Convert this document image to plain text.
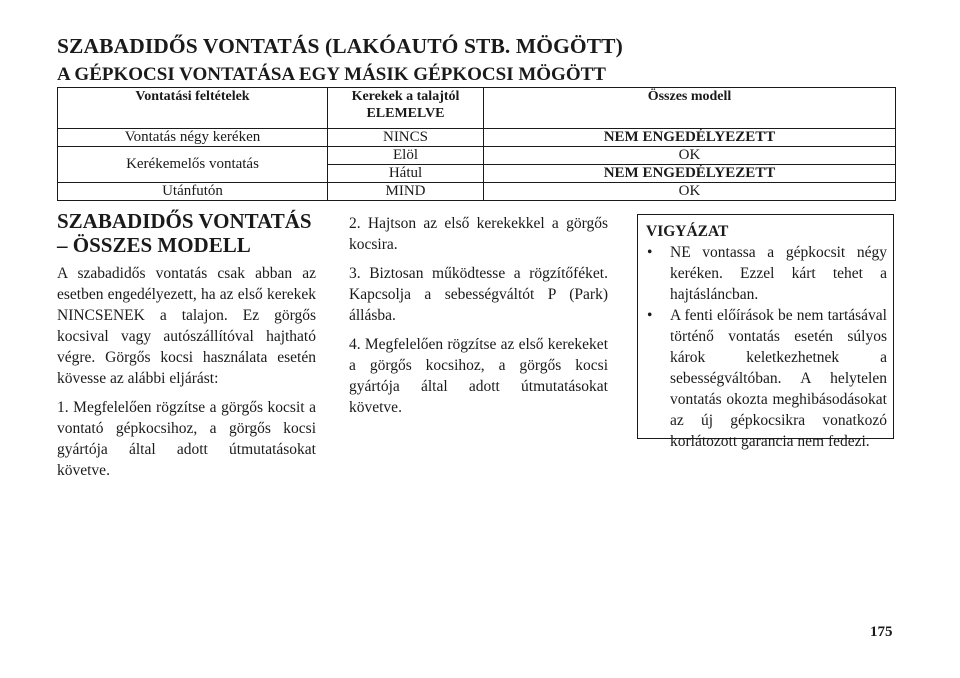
SZABADIDŐS VONTATÁS (LAKÓAUTÓ STB. MÖGÖTT)
A GÉPKOCSI VONTATÁSA EGY MÁSIK GÉPKOCSI MÖGÖTT
Vontatási feltételek	Kerekek a talajtól ELEMELVE	Összes modell
Vontatás négy keréken	NINCS	NEM ENGEDÉLYEZETT
Kerékemelős vontatás	Elöl	OK
	Hátul	NEM ENGEDÉLYEZETT
Utánfutón	MIND	OK
SZABADIDŐS VONTATÁS – ÖSSZES MODELL

A szabadidős vontatás csak abban az esetben engedélyezett, ha az első kerekek NINCSENEK a talajon. Ez görgős kocsival vagy autószállítóval hajtható végre. Görgős kocsi használata esetén kövesse az alábbi eljárást:

1. Megfelelően rögzítse a görgős kocsit a vontató gépkocsihoz, a görgős kocsi gyártója által adott útmutatásokat követve.

2. Hajtson az első kerekekkel a görgős kocsira.

3. Biztosan működtesse a rögzítőféket. Kapcsolja a sebességváltót P (Park) állásba.

4. Megfelelően rögzítse az első kerekeket a görgős kocsihoz, a görgős kocsi gyártója által adott útmutatásokat követve.

VIGYÁZAT

• NE vontassa a gépkocsit négy keréken. Ezzel kárt tehet a hajtásláncban.
• A fenti előírások be nem tartásával történő vontatás esetén súlyos károk keletkezhetnek a sebességváltóban. A helytelen vontatás okozta meghibásodásokat az új gépkocsikra vonatkozó korlátozott garancia nem fedezi.
175
